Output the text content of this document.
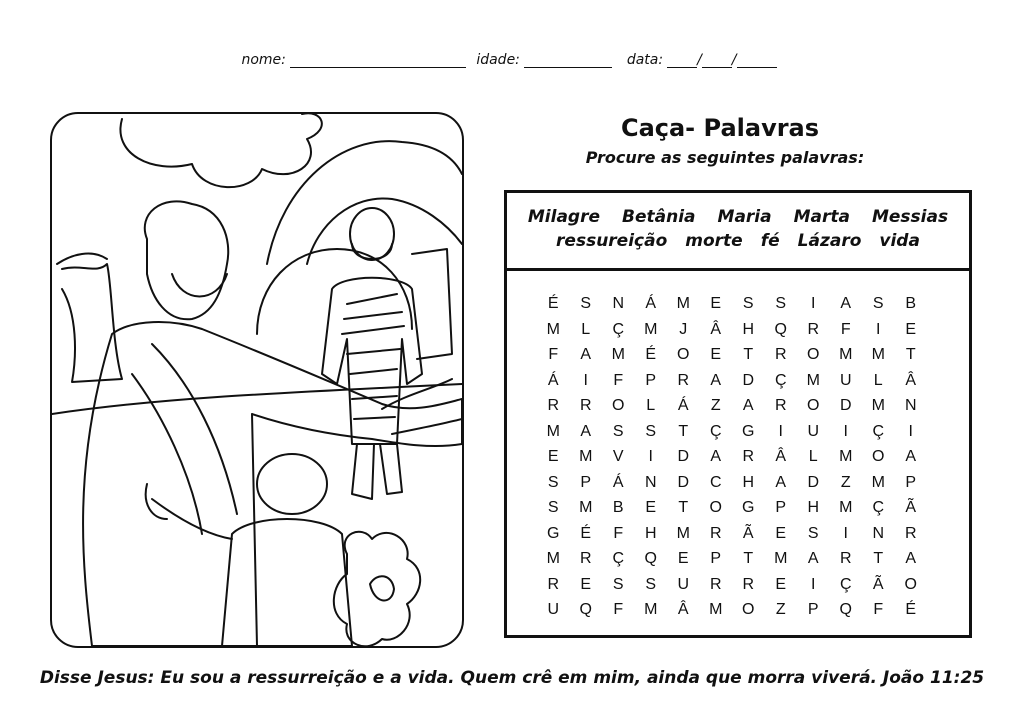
nome:	idade:	data: / /
Caça- Palavras
Procure as seguintes palavras:
Milagre Betânia Maria Marta Messias
ressureição morte fé Lázaro vida
É	S	N	Á	M	E	S	S	I	A	S	B
M	L	Ç	M	J	Â	H	Q	R	F	I	E
F	A	M	É	O	E	T	R	O	M	M	T
Á	I	F	P	R	A	D	Ç	M	U	L	Â
R	R	O	L	Á	Z	A	R	O	D	M	N
M	A	S	S	T	Ç	G	I	U	I	Ç	I
E	M	V	I	D	A	R	Â	L	M	O	A
S	P	Á	N	D	C	H	A	D	Z	M	P
S	M	B	E	T	O	G	P	H	M	Ç	Ã
G	É	F	H	M	R	Ã	E	S	I	N	R
M	R	Ç	Q	E	P	T	M	A	R	T	A
R	E	S	S	U	R	R	E	I	Ç	Ã	O
U	Q	F	M	Â	M	O	Z	P	Q	F	É
Disse Jesus: Eu sou a ressurreição e a vida. Quem crê em mim, ainda que morra viverá. João 11:25
